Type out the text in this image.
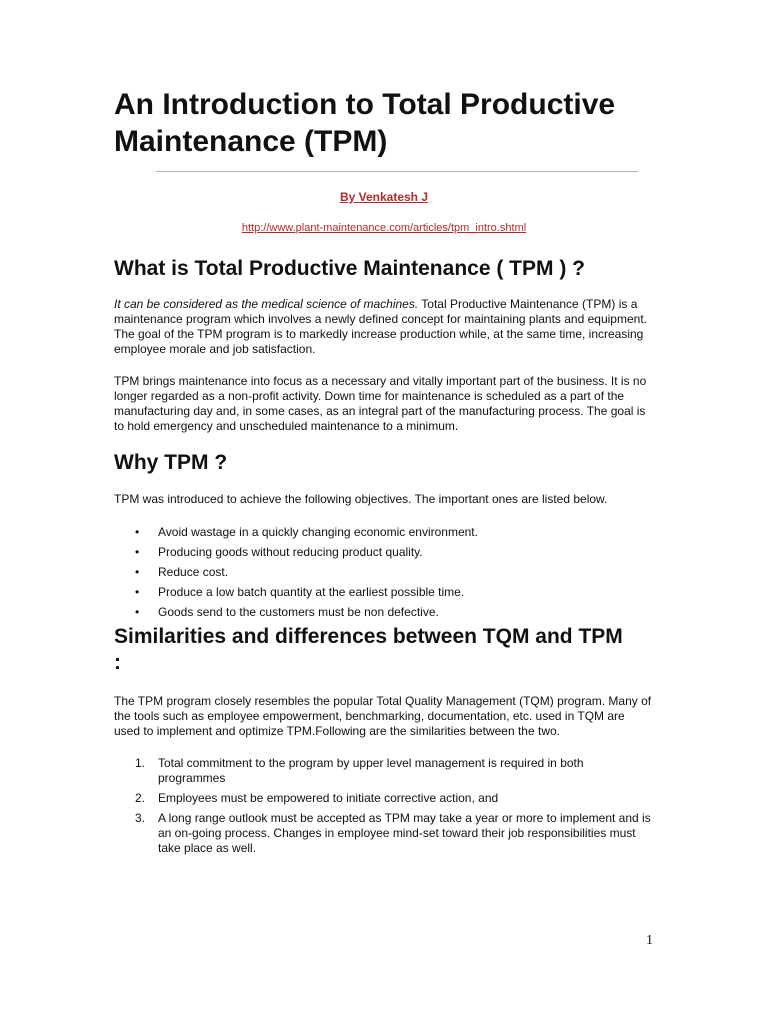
An Introduction to Total Productive Maintenance (TPM)
By Venkatesh J
http://www.plant-maintenance.com/articles/tpm_intro.shtml
What is Total Productive Maintenance ( TPM ) ?

It can be considered as the medical science of machines. Total Productive Maintenance (TPM) is a maintenance program which involves a newly defined concept for maintaining plants and equipment. The goal of the TPM program is to markedly increase production while, at the same time, increasing employee morale and job satisfaction.

TPM brings maintenance into focus as a necessary and vitally important part of the business. It is no longer regarded as a non-profit activity. Down time for maintenance is scheduled as a part of the manufacturing day and, in some cases, as an integral part of the manufacturing process. The goal is to hold emergency and unscheduled maintenance to a minimum.

Why TPM ?

TPM was introduced to achieve the following objectives. The important ones are listed below.

• Avoid wastage in a quickly changing economic environment.
• Producing goods without reducing product quality.
• Reduce cost.
• Produce a low batch quantity at the earliest possible time.
• Goods send to the customers must be non defective.
Similarities and differences between TQM and TPM :

The TPM program closely resembles the popular Total Quality Management (TQM) program. Many of the tools such as employee empowerment, benchmarking, documentation, etc. used in TQM are used to implement and optimize TPM.Following are the similarities between the two.

1. Total commitment to the program by upper level management is required in both programmes
2. Employees must be empowered to initiate corrective action, and
3. A long range outlook must be accepted as TPM may take a year or more to implement and is an on-going process. Changes in employee mind-set toward their job responsibilities must take place as well.
1
